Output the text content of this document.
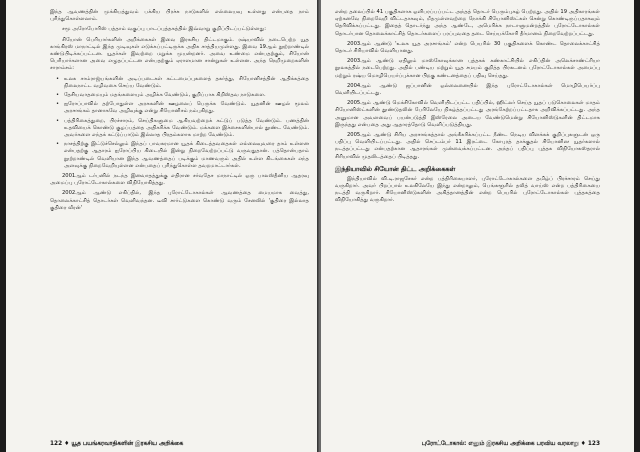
இந்த ஆவணத்தின் முக்கியத்துவம் பக்கிய பிரச்சு நாடுகளில் எல்லையவு உள்ளது என்பதை நாம் புரிந்துகொள்ளலாம்.

சமூ அரோபோரிஸ் பத்தாம் வகுப்பு பாடப்புத்தகத்தில் இவ்வாறு குறிப்பிடப்பட்டுள்ளது:

சியோன் பெரியார்களின் அறிக்கைகள் இவை இரகசிய திட்டமாகும். ரஷ்யாவில் நடைபெற்ற யூத காங்கிரஸ் மாநாட்டில் இந்த முடிவுகள் எடுக்கப்பட்டிருக்க அதிக சாத்தியமுள்ளது. இவை 19ஆம் நூற்றாண்டில் கண்டுபிடிக்கப்பட்டன. யூதர்கள் இவற்றை மறுக்க முயன்றனர். அவை உண்மை என்பதற்கும், சியோன் பெரியார்களான அவை எழுதப்பட்டன என்பதற்கும் ஏராளமான சான்றுகள் உள்ளன. அந்த நெறிமுறைகளின் சாராம்சம்:

• உலக சாம்ராஜ்யங்களின் அடிப்படைகள் கட்டமைப்புகளைத் தகர்த்து, சியோனிசத்தின் ஆதிக்கத்தை நிலைநாட்ட வழிவகை செய்ய வேண்டும்.
• தேசியவாதமையும் மதங்களையும் அழிக்க வேண்டும், குறிப்பாக கிறிஸ்தவ நாடுகளை.
• ஐரோப்பாவில் தற்போதுள்ள அரசுகளின் ஊழலைப் பெருக்க வேண்டும். யூதனின் ஊழல் மூலம் அரசாங்கம் தானாகவே அழிவுக்கு என்று சியோனிசம் நம்புகிறது.
• பத்திரிகைத்துறை, பிரச்சாரம், செய்திகளுமை ஆகியவற்றைக் கட்டுப் படுத்த வேண்டும். பணத்தின் உதவியைக் கொண்டு குழப்பத்தை அதிகரிக்க வேண்டும். மக்களை இச்சைகளின்பால் தூண்ட வேண்டும். அவர்களை எந்தக் கட்டுப்பாடும் இல்லாத பிரதம்களாக மாற்ற வேண்டும்.
• நாசத்திற்கு இட்டுச்செல்லும் இந்தப் பாவகரமான யூதக் கிடைத்தவதைகள் எல்லைவுவரை தாம் உள்ளன என்பதற்கு ஆதாரம் ஐரோப்பிய கிடையில் இன்று நிறைவேற்றப்பட்டு வருவதுதான். பத்தொன்பதாம் நூற்றாண்டில் வெளியான இந்த ஆவணத்தைப் படிக்கும் மாணவரும் அதில் உள்ள கிடங்கைகள் எந்த அளவுக்கு நிறைவேறியுள்ளன என்பதைப் புரிந்துகொள்ள தவறமாட்டார்கள்.

2001ஆம் டர்பனில் நடந்த இனவாதத்துக்கு எதிரான சர்வதேச மாநாட்டில் ஒரு பாலஸ்தீனிய ஆதரவு அமைப்பு புரோட்டோகால்களை விநியோகித்தது.

2002ஆம் ஆண்டு எகிப்தில், இந்த புரோட்டோகால்கள் ஆவணத்தை மையமாக வைத்து, தொலைக்காட்சித் தொடர்கள் வெளிவந்தன. டீவி சார்ட்டுகளை கொண்டு வரும் சேனலில் 'குதிரை இல்லாத குதிரை வீரன்'

122 ♦ யூத பயங்கரவாதிகளின் இரகசிய அறிக்கை

என்ற தலைப்பில் 41 பகுதிகளாக ஒளிபரப்பப்பட்ட அந்தத் தொடர் பெரும்புகழ் பெற்றது. அதில் 19 அதிகாரங்கள் ஏற்கனவே நிறைவேறி விட்டதாகவும், மீதமுள்ளவற்றை நோக்கி சியோனிஸ்ட்கள் சென்று கொண்டிருப்பதாகவும் தெரிவிக்கப்பட்டது. இதைத் தொடர்ந்து அந்த ஆண்டே, அமெரிக்க நாடாளுமன்றத்தில் புரோட்டோகால்கள் தொடர்பான தொலைக்காட்சித் தொடர்களைப் பரப்புவதை தடை செய்யக்கோரி தீர்மானம் நிறைவேற்றப்பட்டது.

2003ஆம் ஆண்டு 'உலக யூத அரசாங்கம்' என்ற பெயரில் 30 பகுதிகளைக் கொண்ட தொலைக்காட்சித் தொடர் சிரியாவில் வெளியானது.

2003ஆம் ஆண்டு ஏதிலும் மாஸ்கோவுக்கான புத்தகக் கண்காட்சியில் எகிப்தின் அலெக்சாண்ட்ரியா நூலகத்தில் நடைபெற்றது. அதில் பண்டிய மற்றும் யூத சமயம் குறித்த பிரகடனம் புரோட்டோகால்கள் அமைப்பு மற்றும் ரஷ்ய மொழிபெயர்ப்புக்கான பிறகு கண்டனத்தைப் பதிவு செய்தது.

2004ஆம் ஆண்டு ஜப்பானின் ஒல்லைனையில் இந்த புரோட்டோகால்கள் மொழிபெயர்ப்பு வெளியிடப்பட்டது.

2005ஆம் ஆண்டு மெக்சிகோவில் வெளியிடப்பட்ட பதிப்பில், ஹிட்லர் செய்த யூதப் படுகொலைகள் மாதம் சியோனிஸ்ட்களின் தூண்டுதலின் பேரிலேயே நிகழ்த்தப்பட்டது அரங்கேற்றப்பட்டதாக அறிவிக்கப்பட்டது. அந்த அனுமான அவளவைப் பயன்படுத்தி இஸ்ரேலை அடைய வேண்டுமென்று சியோனிஸ்டுகளின் திட்டமாக இருந்தது என்பதை அது ஆதாரத்தோடு வெளிப்படுத்தியது.

2005ஆம் ஆண்டு சிரிய அரசாங்கத்தால் அங்கீகரிக்கப்பட்ட நீண்ட நெடிய விளக்கக் குறிப்புகளுடன் ஒரு பதிப்பு வெளியிடப்பட்டது. அதில் செப்டம்பர் 11 இரட்டை கோபுரத் தாக்குதல் சியோனிஸ யூதர்களால் நடத்தப்பட்டது என்பதற்கான ஆதாரங்கள் முன்வைக்கப்பட்டன. அந்தப் பதிப்பு புத்தக விநியோகஸ்தரால் சிரியாவில் முதலிடத்தைப் பிடித்தது.

இந்தியாவில் சியோன் திட்ட அறிக்கைகள்

இந்தியாவில் வி.டி.ராஜசேகர் என்ற பத்திரிகையாளர், புரோட்டோகால்களை தமிழ்ப் பிரச்சாரம் செய்து வருகிறார். அவர் பிறப்பால் உலகிலேயே இந்து என்றாலும், பெங்களூரில் தலித் வாய்ஸ் என்ற பத்திரிகையை நடத்தி வருகிறார். சியோனிஸ்டுகளின் அகித்தானத்தின் என்ற பெயரில் புரோட்டோகால்கள் புத்தகத்தை விநியோகித்து வருகிறார்.

புரோட்டோகால்: எனும் இரகசிய அறிக்கை பரவிய வரலாறு ♦ 123
